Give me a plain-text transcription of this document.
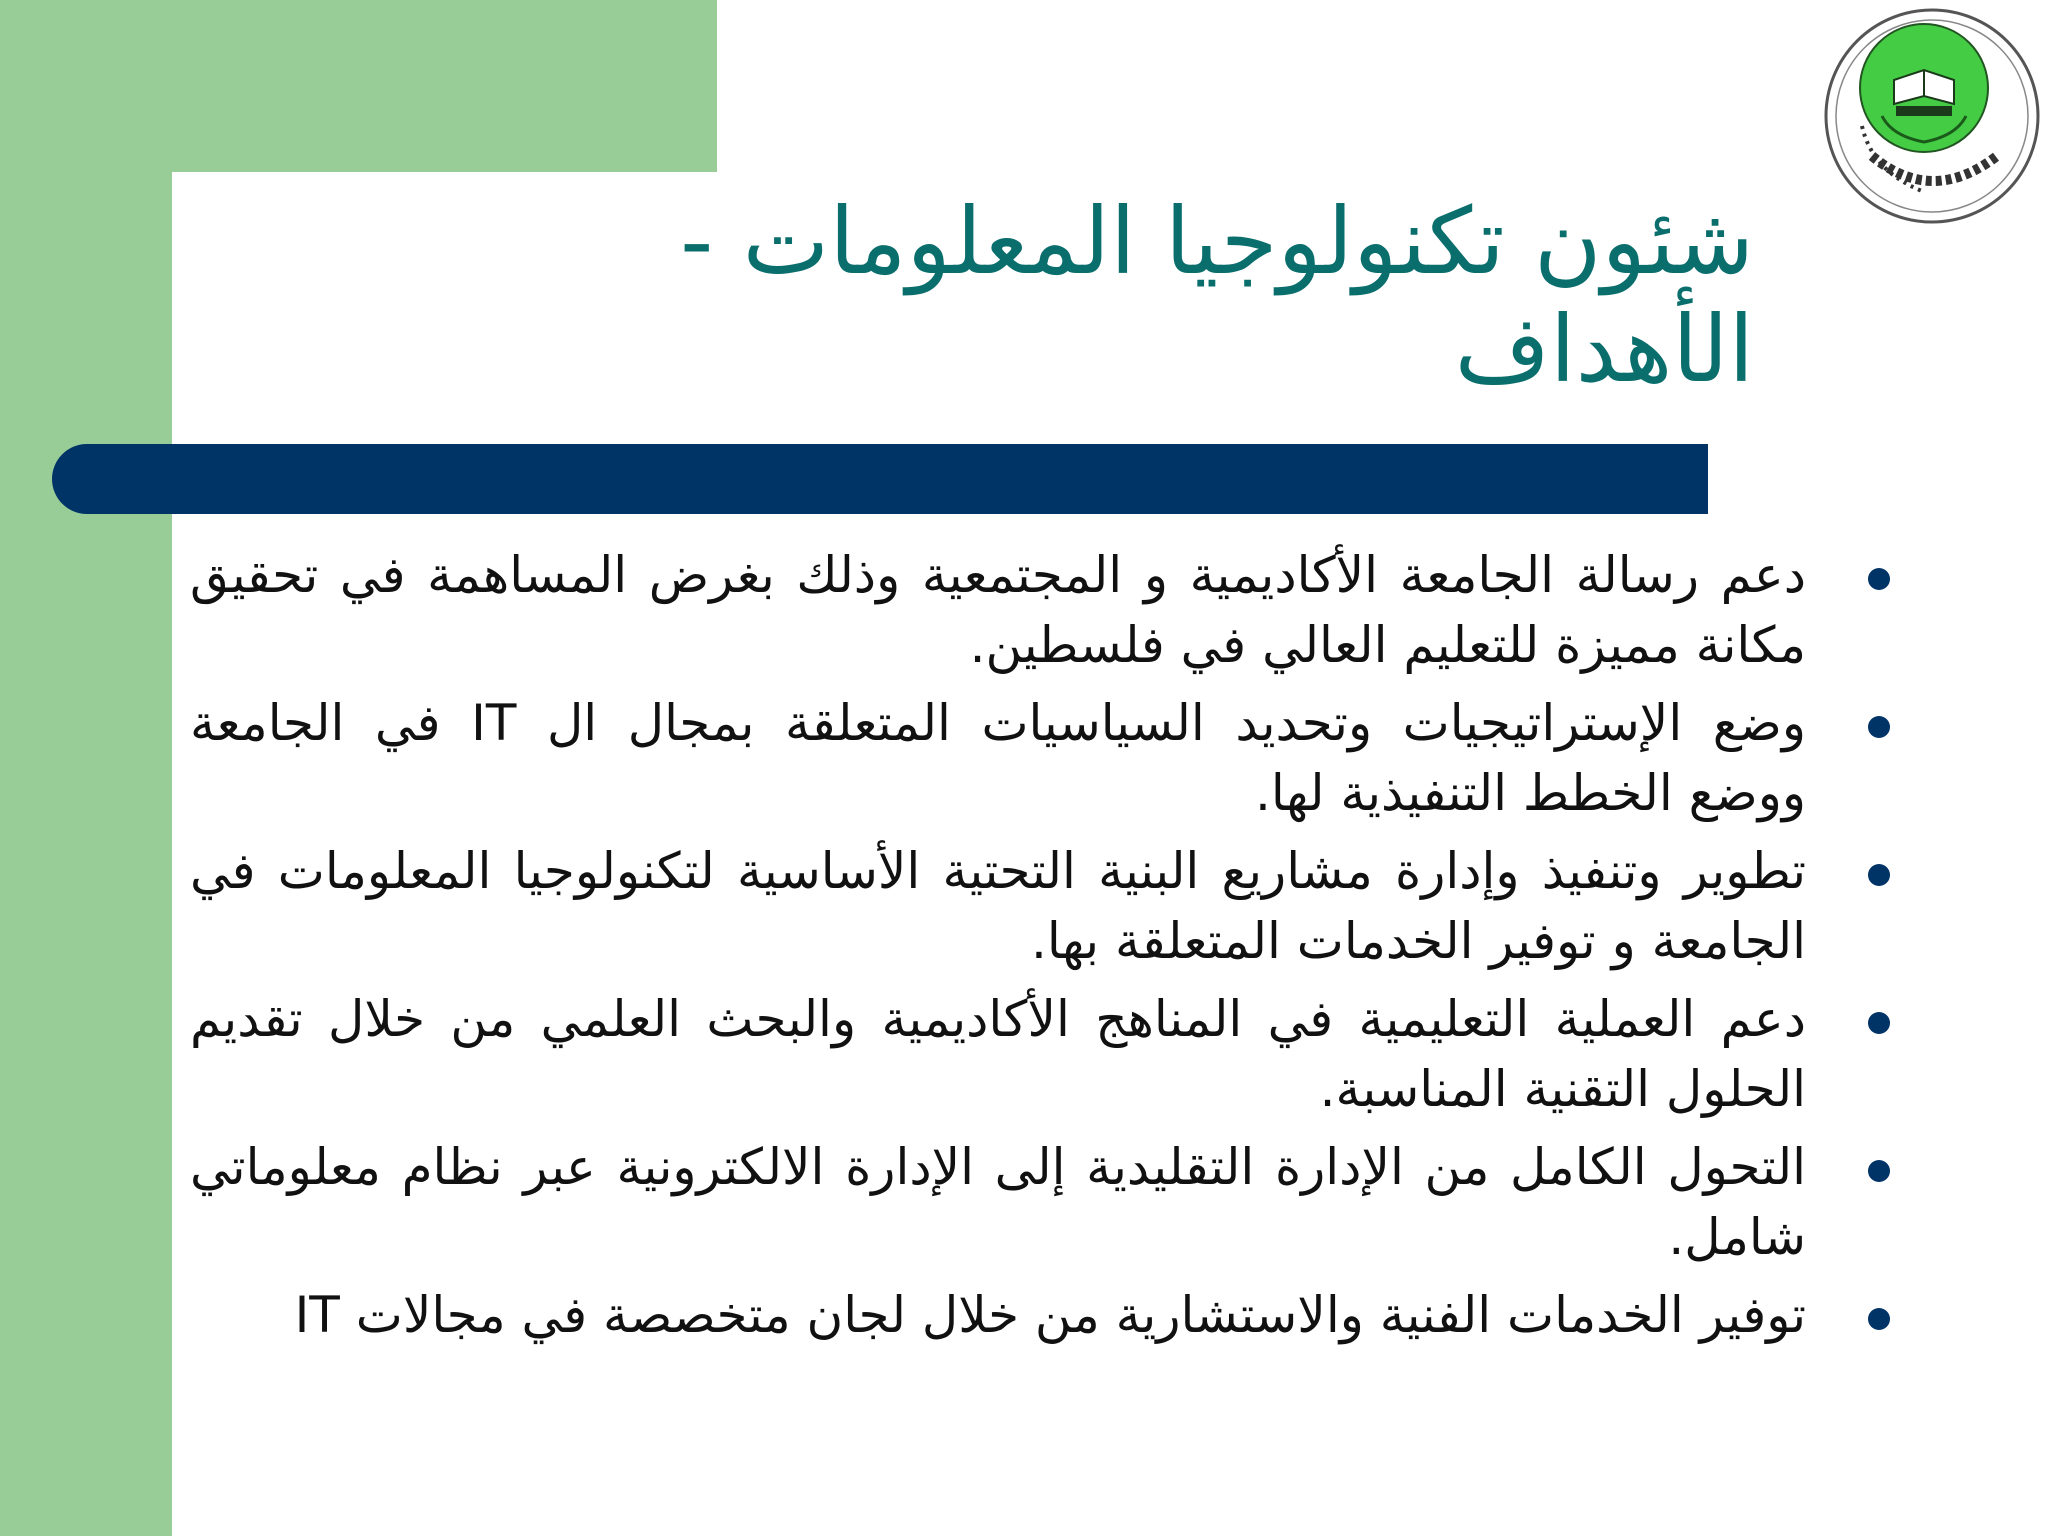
شئون تكنولوجيا المعلومات - الأهداف
دعم رسالة الجامعة الأكاديمية و المجتمعية وذلك بغرض المساهمة في تحقيق مكانة مميزة للتعليم العالي في فلسطين.
وضع الإستراتيجيات وتحديد السياسيات المتعلقة بمجال ال IT في الجامعة ووضع الخطط التنفيذية لها.
تطوير وتنفيذ وإدارة مشاريع البنية التحتية الأساسية لتكنولوجيا المعلومات في الجامعة و توفير الخدمات المتعلقة بها.
دعم العملية التعليمية في المناهج الأكاديمية والبحث العلمي من خلال تقديم الحلول التقنية المناسبة.
التحول الكامل من الإدارة التقليدية إلى الإدارة الالكترونية عبر نظام معلوماتي شامل.
توفير الخدمات الفنية والاستشارية من خلال لجان متخصصة في مجالات IT
